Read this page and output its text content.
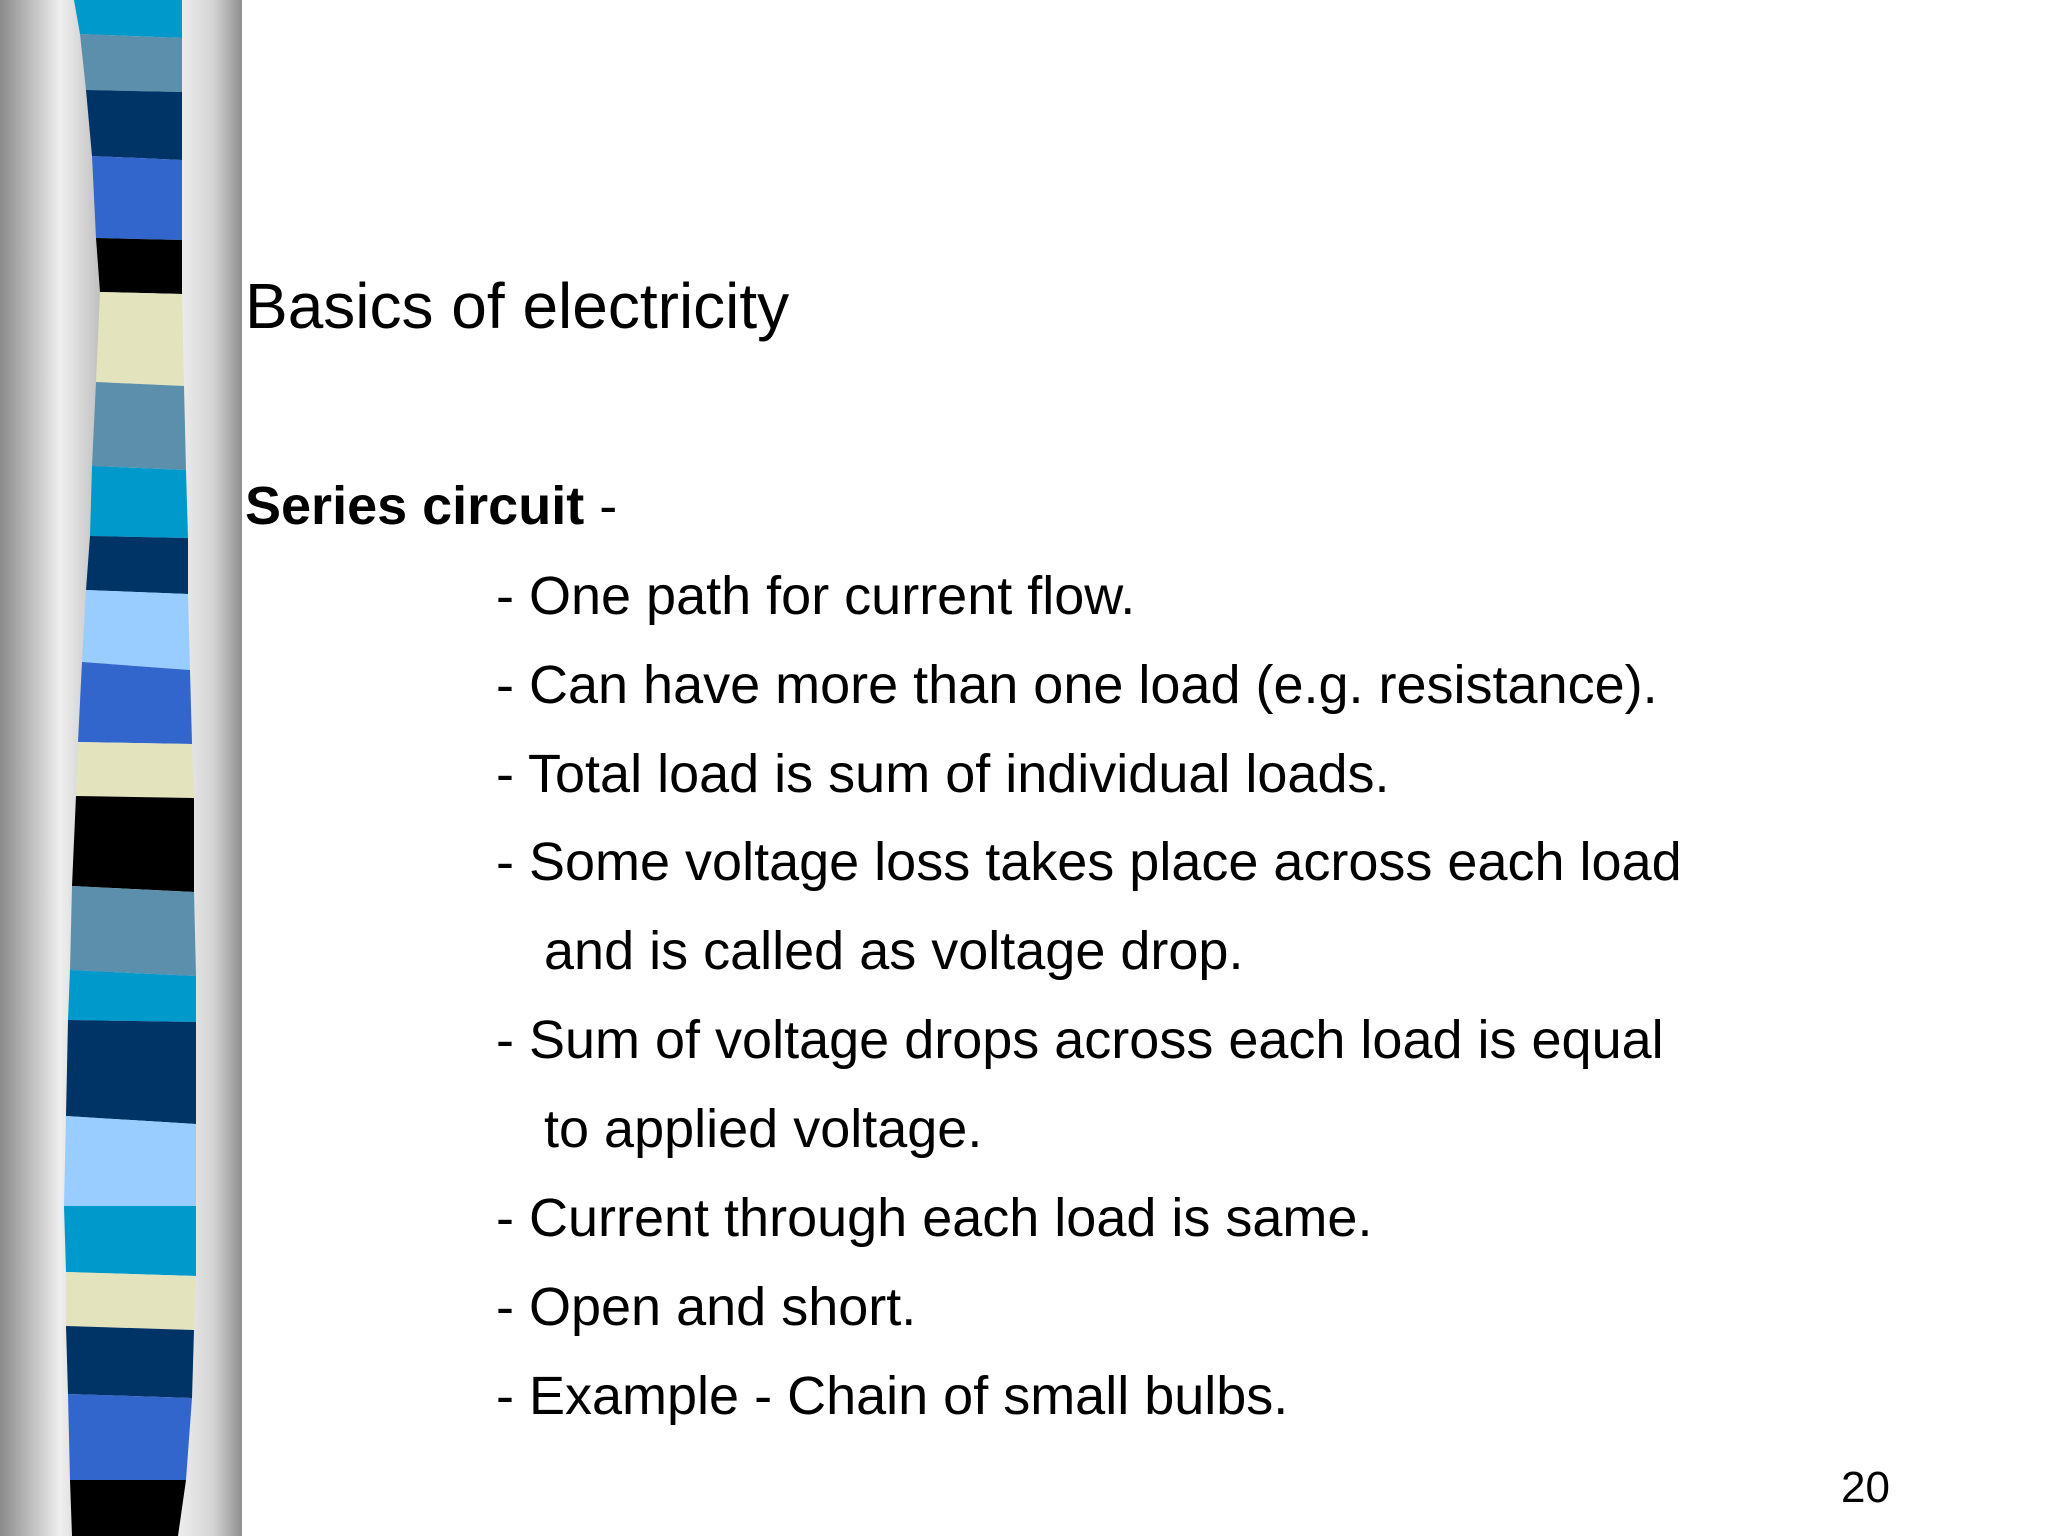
Basics of electricity
Series circuit -
- One path for current flow.
- Can have more than one load (e.g. resistance).
- Total load is sum of individual loads.
- Some voltage loss takes place across each load
and is called as voltage drop.
- Sum of voltage drops across each load is equal
to applied voltage.
- Current through each load is same.
- Open and short.
- Example - Chain of small bulbs.
20
